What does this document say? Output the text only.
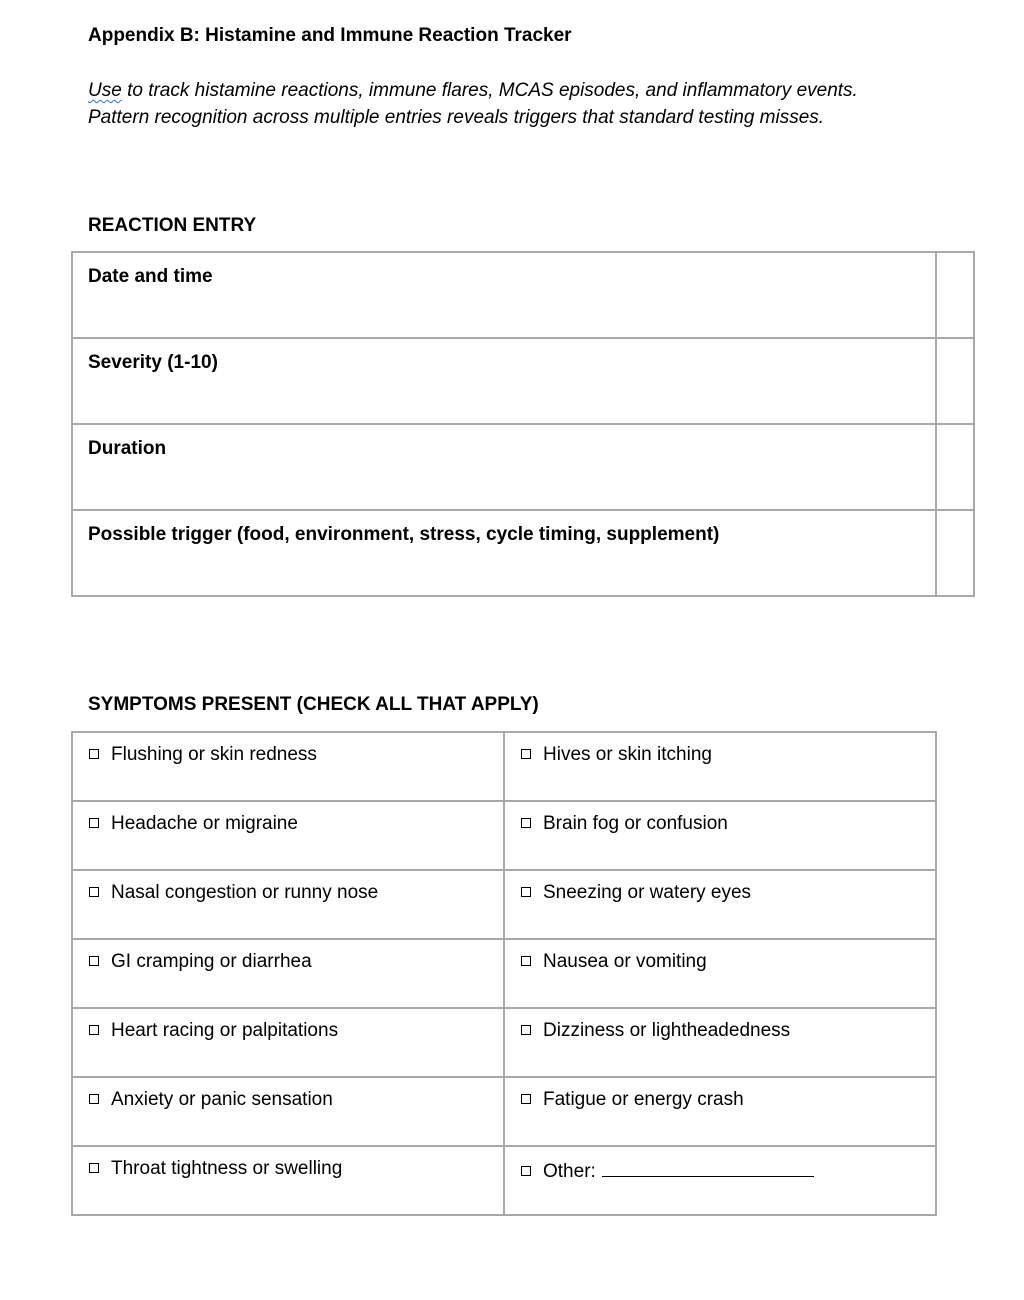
Appendix B: Histamine and Immune Reaction Tracker

Use to track histamine reactions, immune flares, MCAS episodes, and inflammatory events.
Pattern recognition across multiple entries reveals triggers that standard testing misses.

REACTION ENTRY
Date and time	

Severity (1-10)	

Duration	

Possible trigger (food, environment, stress, cycle timing, supplement)	

SYMPTOMS PRESENT (CHECK ALL THAT APPLY)
Flushing or skin redness	Hives or skin itching

Headache or migraine	Brain fog or confusion

Nasal congestion or runny nose	Sneezing or watery eyes

GI cramping or diarrhea	Nausea or vomiting

Heart racing or palpitations	Dizziness or lightheadedness

Anxiety or panic sensation	Fatigue or energy crash

Throat tightness or swelling	Other:
